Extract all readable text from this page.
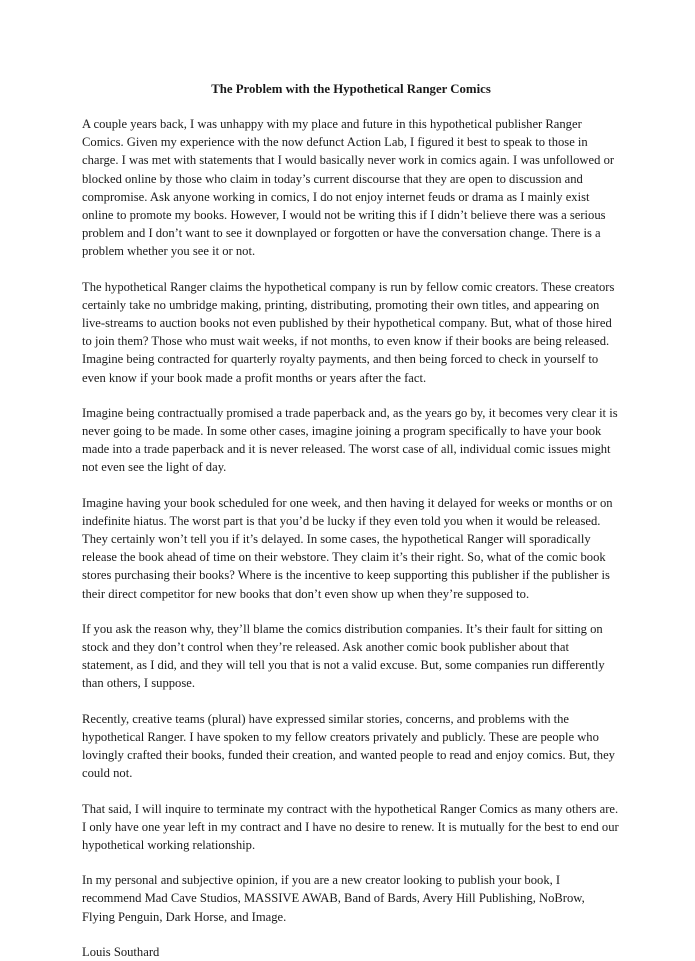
The Problem with the Hypothetical Ranger Comics

A couple years back, I was unhappy with my place and future in this hypothetical publisher Ranger Comics. Given my experience with the now defunct Action Lab, I figured it best to speak to those in charge. I was met with statements that I would basically never work in comics again. I was unfollowed or blocked online by those who claim in today’s current discourse that they are open to discussion and compromise. Ask anyone working in comics, I do not enjoy internet feuds or drama as I mainly exist online to promote my books. However, I would not be writing this if I didn’t believe there was a serious problem and I don’t want to see it downplayed or forgotten or have the conversation change. There is a problem whether you see it or not.

The hypothetical Ranger claims the hypothetical company is run by fellow comic creators. These creators certainly take no umbridge making, printing, distributing, promoting their own titles, and appearing on live-streams to auction books not even published by their hypothetical company. But, what of those hired to join them? Those who must wait weeks, if not months, to even know if their books are being released. Imagine being contracted for quarterly royalty payments, and then being forced to check in yourself to even know if your book made a profit months or years after the fact.

Imagine being contractually promised a trade paperback and, as the years go by, it becomes very clear it is never going to be made. In some other cases, imagine joining a program specifically to have your book made into a trade paperback and it is never released. The worst case of all, individual comic issues might not even see the light of day.

Imagine having your book scheduled for one week, and then having it delayed for weeks or months or on indefinite hiatus. The worst part is that you’d be lucky if they even told you when it would be released. They certainly won’t tell you if it’s delayed. In some cases, the hypothetical Ranger will sporadically release the book ahead of time on their webstore. They claim it’s their right. So, what of the comic book stores purchasing their books? Where is the incentive to keep supporting this publisher if the publisher is their direct competitor for new books that don’t even show up when they’re supposed to.

If you ask the reason why, they’ll blame the comics distribution companies. It’s their fault for sitting on stock and they don’t control when they’re released. Ask another comic book publisher about that statement, as I did, and they will tell you that is not a valid excuse. But, some companies run differently than others, I suppose.

Recently, creative teams (plural) have expressed similar stories, concerns, and problems with the hypothetical Ranger. I have spoken to my fellow creators privately and publicly. These are people who lovingly crafted their books, funded their creation, and wanted people to read and enjoy comics. But, they could not.

That said, I will inquire to terminate my contract with the hypothetical Ranger Comics as many others are. I only have one year left in my contract and I have no desire to renew. It is mutually for the best to end our hypothetical working relationship.

In my personal and subjective opinion, if you are a new creator looking to publish your book, I recommend Mad Cave Studios, MASSIVE AWAB, Band of Bards, Avery Hill Publishing, NoBrow, Flying Penguin, Dark Horse, and Image.

Louis Southard
